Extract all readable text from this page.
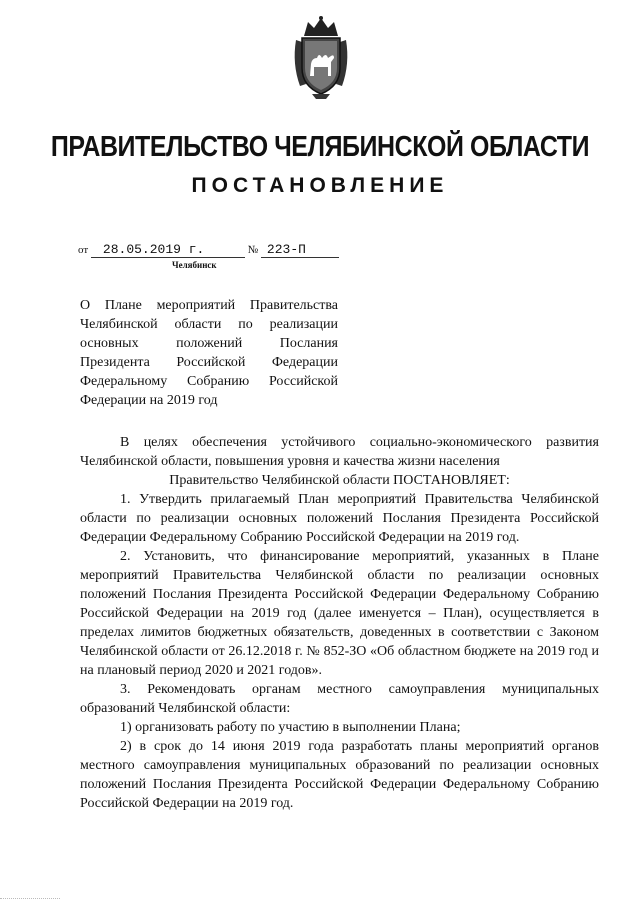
ПРАВИТЕЛЬСТВО ЧЕЛЯБИНСКОЙ ОБЛАСТИ
ПОСТАНОВЛЕНИЕ
от 28.05.2019 г.	№ 223-П
Челябинск
О Плане мероприятий Правительства Челябинской области по реализации основных положений Послания Президента Российской Федерации Федеральному Собранию Российской Федерации на 2019 год

В целях обеспечения устойчивого социально-экономического развития Челябинской области, повышения уровня и качества жизни населения

Правительство Челябинской области ПОСТАНОВЛЯЕТ:

1. Утвердить прилагаемый План мероприятий Правительства Челябинской области по реализации основных положений Послания Президента Российской Федерации Федеральному Собранию Российской Федерации на 2019 год.

2. Установить, что финансирование мероприятий, указанных в Плане мероприятий Правительства Челябинской области по реализации основных положений Послания Президента Российской Федерации Федеральному Собранию Российской Федерации на 2019 год (далее именуется – План), осуществляется в пределах лимитов бюджетных обязательств, доведенных в соответствии с Законом Челябинской области от 26.12.2018 г. № 852-ЗО «Об областном бюджете на 2019 год и на плановый период 2020 и 2021 годов».

3. Рекомендовать органам местного самоуправления муниципальных образований Челябинской области:

1) организовать работу по участию в выполнении Плана;

2) в срок до 14 июня 2019 года разработать планы мероприятий органов местного самоуправления муниципальных образований по реализации основных положений Послания Президента Российской Федерации Федеральному Собранию Российской Федерации на 2019 год.
